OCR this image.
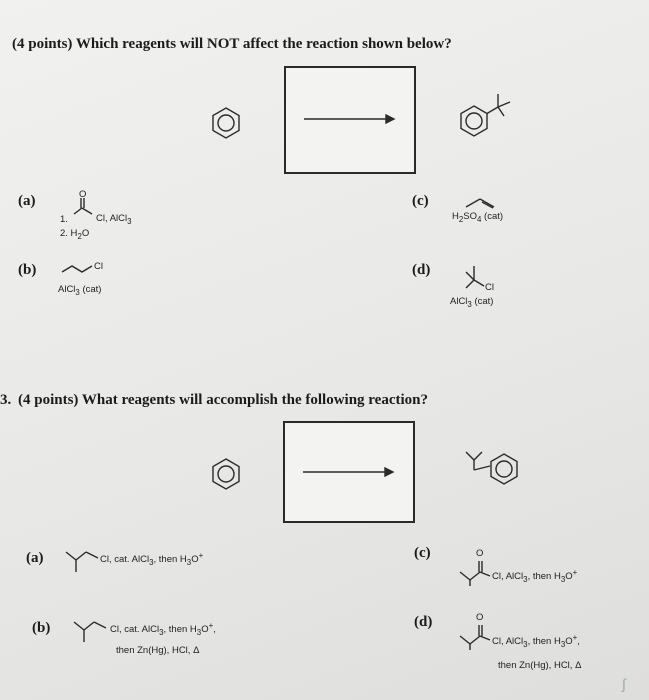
(4 points) Which reagents will NOT affect the reaction shown below?
(a)	O
1.	Cl, AlCl$_3$
2. $H_2O$
(c)
$H_2SO_4$ (cat)
(b)	Cl
AlCl$_3$ (cat)
(d)
Cl
AlCl$_3$ (cat)
3. (4 points) What reagents will accomplish the following reaction?
(a)	Cl, cat. AlCl$_3$, then $H_3O^+$	(c)	O
Cl, AlCl$_3$, then $H_3O^+$
(b)	Cl, cat. AlCl$_3$, then $H_3O^+$,
then Zn(Hg), HCl, Δ
(d)	O
Cl, AlCl$_3$, then $H_3O^+$,
then Zn(Hg), HCl, Δ
∫
